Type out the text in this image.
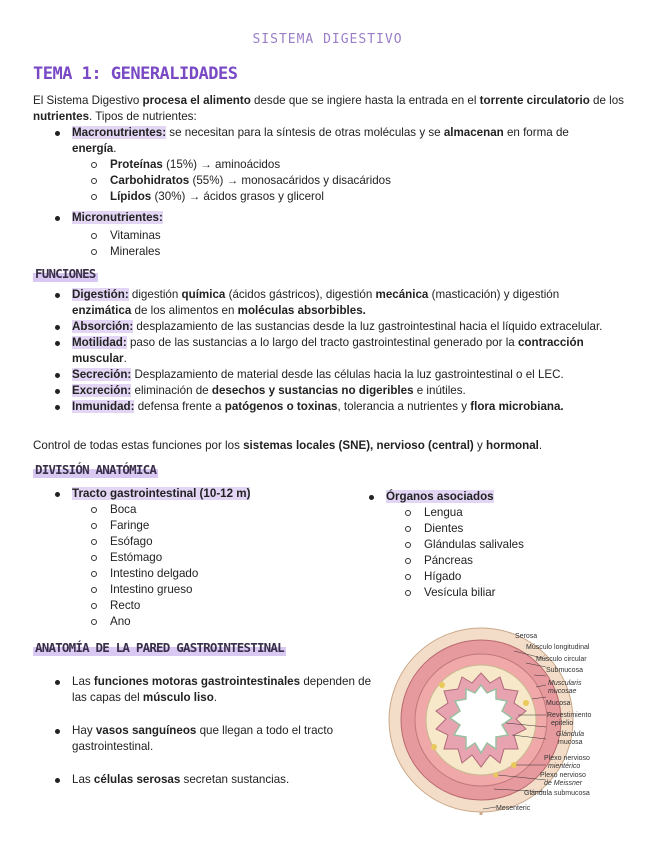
SISTEMA DIGESTIVO
TEMA 1: GENERALIDADES

El Sistema Digestivo procesa el alimento desde que se ingiere hasta la entrada en el torrente circulatorio de los nutrientes. Tipos de nutrientes:

Macronutrientes: se necesitan para la síntesis de otras moléculas y se almacenan en forma de energía.
Proteínas (15%) → aminoácidos
Carbohidratos (55%) → monosacáridos y disacáridos
Lípidos (30%) → ácidos grasos y glicerol
Micronutrientes:
Vitaminas
Minerales
FUNCIONES
Digestión: digestión química (ácidos gástricos), digestión mecánica (masticación) y digestión enzimática de los alimentos en moléculas absorbibles.
Absorción: desplazamiento de las sustancias desde la luz gastrointestinal hacia el líquido extracelular.
Motilidad: paso de las sustancias a lo largo del tracto gastrointestinal generado por la contracción muscular.
Secreción: Desplazamiento de material desde las células hacia la luz gastrointestinal o el LEC.
Excreción: eliminación de desechos y sustancias no digeribles e inútiles.
Inmunidad: defensa frente a patógenos o toxinas, tolerancia a nutrientes y flora microbiana.

Control de todas estas funciones por los sistemas locales (SNE), nervioso (central) y hormonal.

DIVISIÓN ANATÓMICA
Tracto gastrointestinal (10-12 m)
Boca
Faringe
Esófago
Estómago
Intestino delgado
Intestino grueso
Recto
Ano
Órganos asociados
Lengua
Dientes
Glándulas salivales
Páncreas
Hígado
Vesícula biliar
ANATOMÍA DE LA PARED GASTROINTESTINAL
Las funciones motoras gastrointestinales dependen de las capas del músculo liso.
Hay vasos sanguíneos que llegan a todo el tracto gastrointestinal.
Las células serosas secretan sustancias.
Serosa
Músculo longitudinal
Músculo circular
Submucosa
Muscularis
mucosae
Mucosa
Revestimiento
epitelio
Glándula
mucosa
Plexo nervioso
mientérico
Plexo nervioso
de Meissner
Glándula submucosa
Mesenteric
